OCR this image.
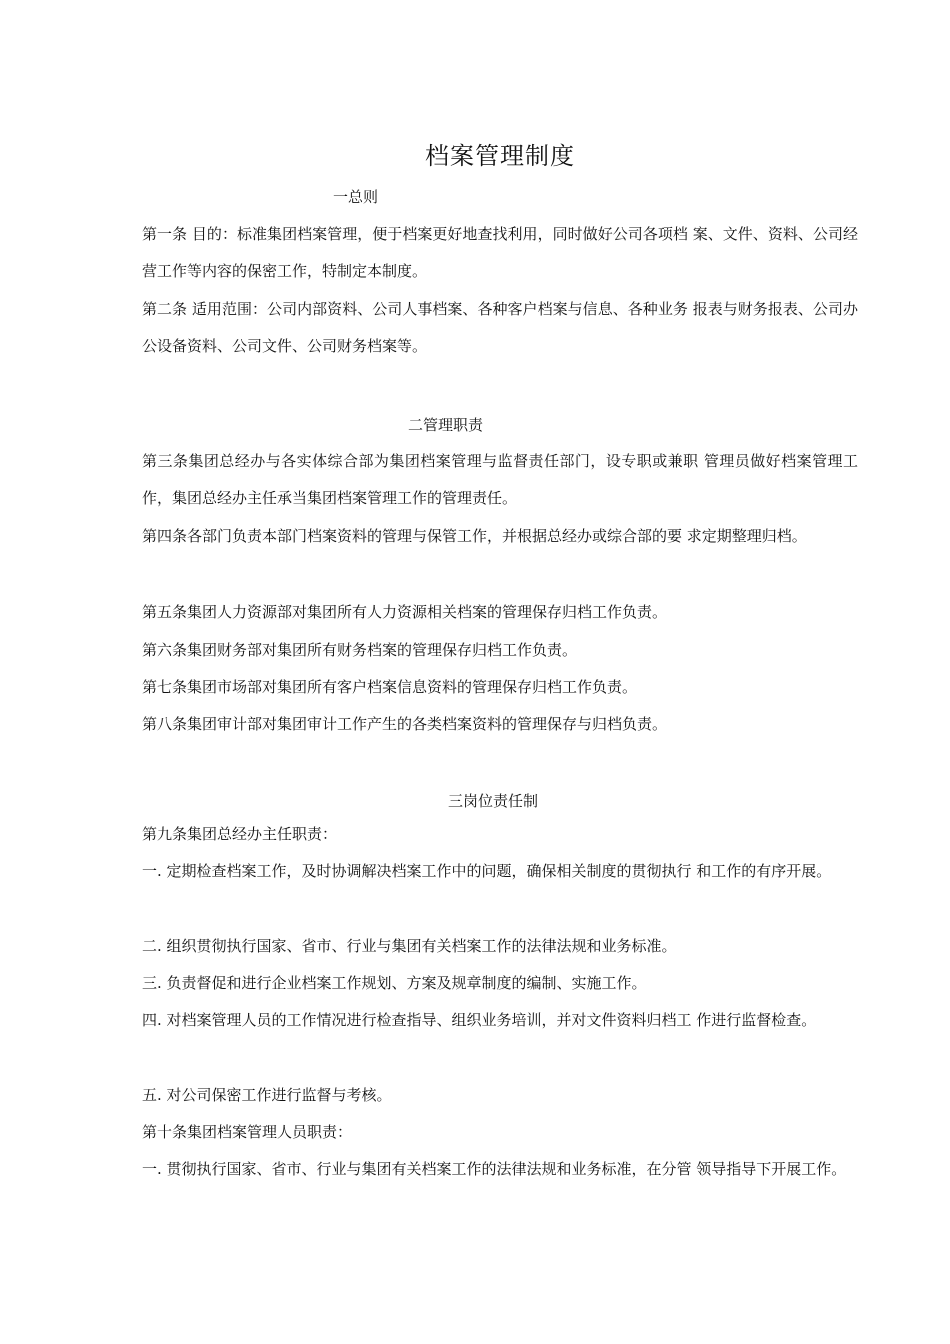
档案管理制度
一总则

第一条 目的：标准集团档案管理，便于档案更好地查找利用，同时做好公司各项档 案、文件、资料、公司经营工作等内容的保密工作，特制定本制度。

第二条 适用范围：公司内部资料、公司人事档案、各种客户档案与信息、各种业务 报表与财务报表、公司办公设备资料、公司文件、公司财务档案等。

二管理职责

第三条集团总经办与各实体综合部为集团档案管理与监督责任部门，设专职或兼职 管理员做好档案管理工作，集团总经办主任承当集团档案管理工作的管理责任。

第四条各部门负责本部门档案资料的管理与保管工作，并根据总经办或综合部的要 求定期整理归档。

第五条集团人力资源部对集团所有人力资源相关档案的管理保存归档工作负责。

第六条集团财务部对集团所有财务档案的管理保存归档工作负责。

第七条集团市场部对集团所有客户档案信息资料的管理保存归档工作负责。

第八条集团审计部对集团审计工作产生的各类档案资料的管理保存与归档负责。

三岗位责任制

第九条集团总经办主任职责：

一. 定期检查档案工作，及时协调解决档案工作中的问题，确保相关制度的贯彻执行 和工作的有序开展。

二. 组织贯彻执行国家、省市、行业与集团有关档案工作的法律法规和业务标准。

三. 负责督促和进行企业档案工作规划、方案及规章制度的编制、实施工作。

四. 对档案管理人员的工作情况进行检查指导、组织业务培训，并对文件资料归档工 作进行监督检查。

五. 对公司保密工作进行监督与考核。

第十条集团档案管理人员职责：

一. 贯彻执行国家、省市、行业与集团有关档案工作的法律法规和业务标准，在分管 领导指导下开展工作。
